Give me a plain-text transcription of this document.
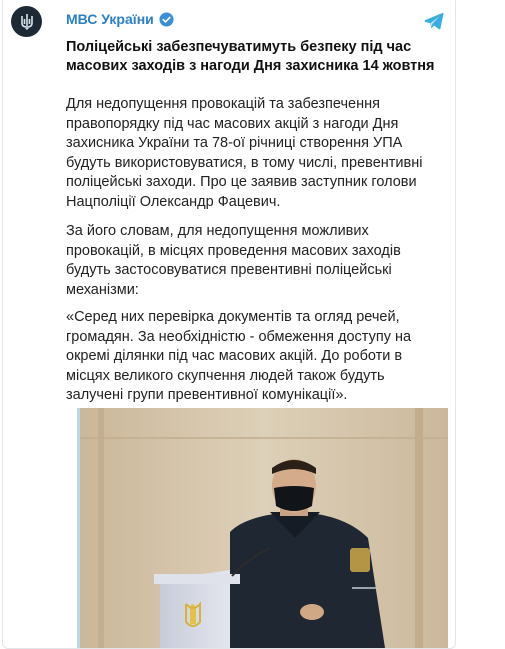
МВС України
Поліцейські забезпечуватимуть безпеку під час масових заходів з нагоди Дня захисника 14 жовтня
Для недопущення провокацій та забезпечення правопорядку під час масових акцій з нагоди Дня захисника України та 78-ої річниці створення УПА будуть використовуватися, в тому числі, превентивні поліцейські заходи. Про це заявив заступник голови Нацполіції Олександр Фацевич.
За його словам, для недопущення можливих провокацій, в місцях проведення масових заходів будуть застосовуватися превентивні поліцейські механізми:
«Серед них перевірка документів та огляд речей, громадян. За необхідністю - обмеження доступу на окремі ділянки під час масових акцій. До роботи в місцях великого скупчення людей також будуть залучені групи превентивної комунікації».
